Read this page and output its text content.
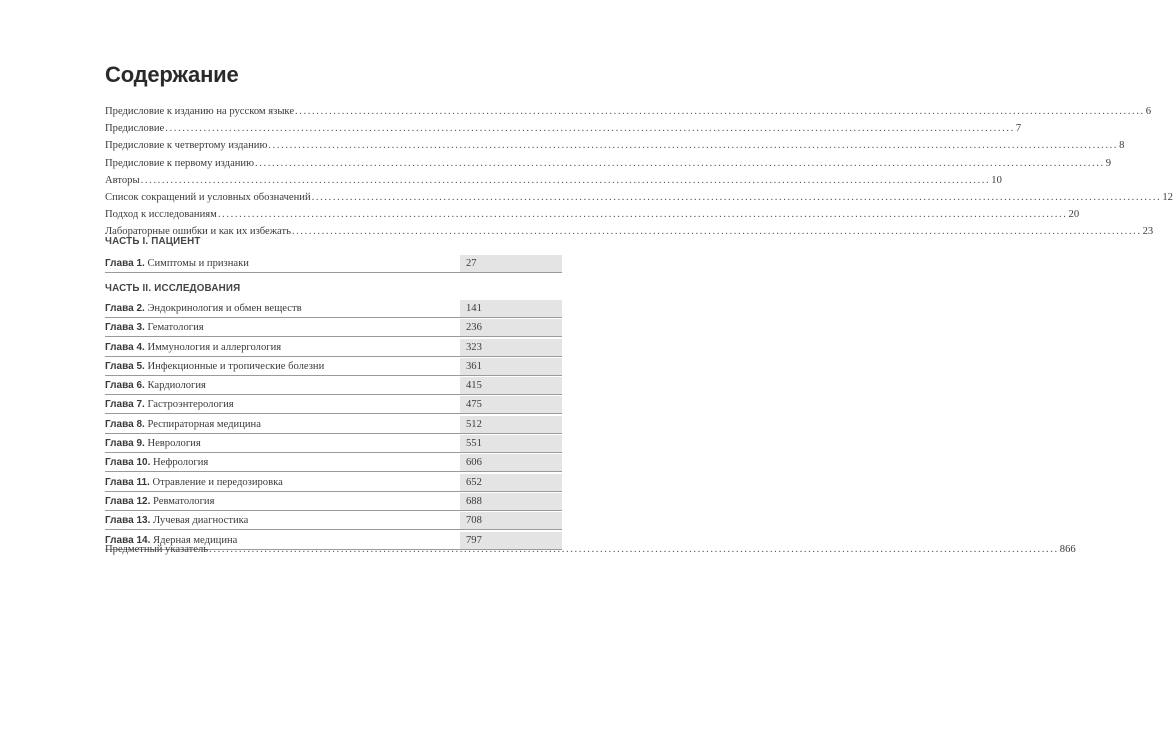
Содержание
Предисловие к изданию на русском языке ........................................................................................................................................................................................................ 6
Предисловие ........................................................................................................................................................................................................ 7
Предисловие к четвертому изданию ........................................................................................................................................................................................................ 8
Предисловие к первому изданию ........................................................................................................................................................................................................ 9
Авторы ........................................................................................................................................................................................................ 10
Список сокращений и условных обозначений ........................................................................................................................................................................................................ 12
Подход к исследованиям ........................................................................................................................................................................................................ 20
Лабораторные ошибки и как их избежать ........................................................................................................................................................................................................ 23
ЧАСТЬ I. ПАЦИЕНТ
Глава 1. Симптомы и признаки	27
ЧАСТЬ II. ИССЛЕДОВАНИЯ
Глава 2. Эндокринология и обмен веществ	141
Глава 3. Гематология	236
Глава 4. Иммунология и аллергология	323
Глава 5. Инфекционные и тропические болезни	361
Глава 6. Кардиология	415
Глава 7. Гастроэнтерология	475
Глава 8. Респираторная медицина	512
Глава 9. Неврология	551
Глава 10. Нефрология	606
Глава 11. Отравление и передозировка	652
Глава 12. Ревматология	688
Глава 13. Лучевая диагностика	708
Глава 14. Ядерная медицина	797
Предметный указатель ........................................................................................................................................................................................................ 866
